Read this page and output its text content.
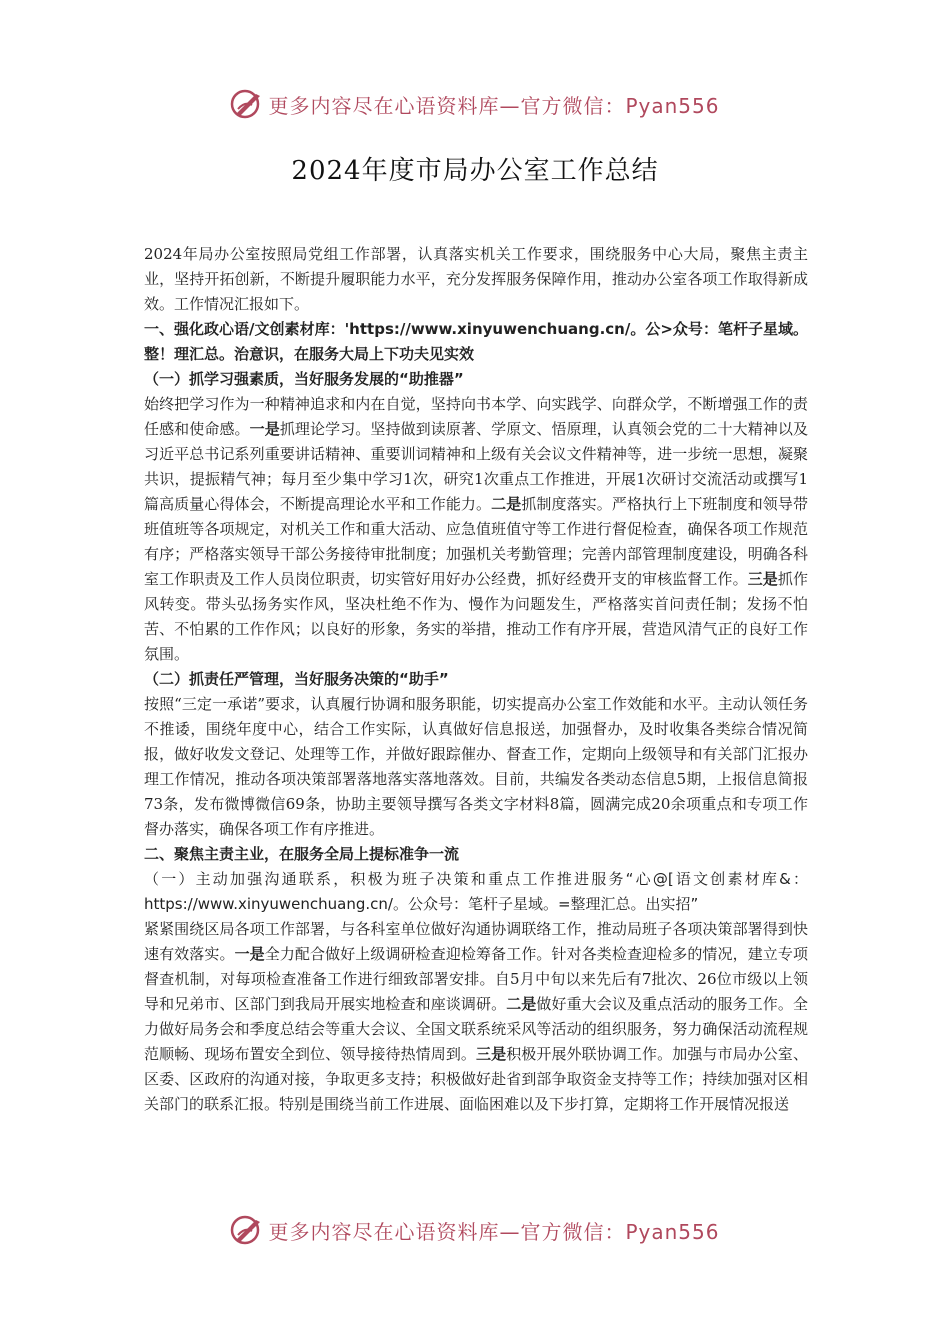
更多内容尽在心语资料库—官方微信：Pyan556
2024年度市局办公室工作总结

2024年局办公室按照局党组工作部署，认真落实机关工作要求，围绕服务中心大局，聚焦主责主业，坚持开拓创新，不断提升履职能力水平，充分发挥服务保障作用，推动办公室各项工作取得新成效。工作情况汇报如下。

一、强化政心语/文创素材库：'https://www.xinyuwenchuang.cn/。公>众号：笔杆子星域。整！理汇总。治意识，在服务大局上下功夫见实效

（一）抓学习强素质，当好服务发展的“助推器”

始终把学习作为一种精神追求和内在自觉，坚持向书本学、向实践学、向群众学，不断增强工作的责任感和使命感。一是抓理论学习。坚持做到读原著、学原文、悟原理，认真领会党的二十大精神以及习近平总书记系列重要讲话精神、重要训词精神和上级有关会议文件精神等，进一步统一思想，凝聚共识，提振精气神；每月至少集中学习1次，研究1次重点工作推进，开展1次研讨交流活动或撰写1篇高质量心得体会，不断提高理论水平和工作能力。二是抓制度落实。严格执行上下班制度和领导带班值班等各项规定，对机关工作和重大活动、应急值班值守等工作进行督促检查，确保各项工作规范有序；严格落实领导干部公务接待审批制度；加强机关考勤管理；完善内部管理制度建设，明确各科室工作职责及工作人员岗位职责，切实管好用好办公经费，抓好经费开支的审核监督工作。三是抓作风转变。带头弘扬务实作风，坚决杜绝不作为、慢作为问题发生，严格落实首问责任制；发扬不怕苦、不怕累的工作作风；以良好的形象，务实的举措，推动工作有序开展，营造风清气正的良好工作氛围。

（二）抓责任严管理，当好服务决策的“助手”

按照“三定一承诺”要求，认真履行协调和服务职能，切实提高办公室工作效能和水平。主动认领任务不推诿，围绕年度中心，结合工作实际，认真做好信息报送，加强督办，及时收集各类综合情况简报，做好收发文登记、处理等工作，并做好跟踪催办、督查工作，定期向上级领导和有关部门汇报办理工作情况，推动各项决策部署落地落实落地落效。目前，共编发各类动态信息5期，上报信息简报73条，发布微博微信69条，协助主要领导撰写各类文字材料8篇，圆满完成20余项重点和专项工作督办落实，确保各项工作有序推进。

二、聚焦主责主业，在服务全局上提标准争一流

（一）主动加强沟通联系，积极为班子决策和重点工作推进服务“心@[语文创素材库&：https://www.xinyuwenchuang.cn/。公众号：笔杆子星域。=整理汇总。出实招”

紧紧围绕区局各项工作部署，与各科室单位做好沟通协调联络工作，推动局班子各项决策部署得到快速有效落实。一是全力配合做好上级调研检查迎检筹备工作。针对各类检查迎检多的情况，建立专项督查机制，对每项检查准备工作进行细致部署安排。自5月中旬以来先后有7批次、26位市级以上领导和兄弟市、区部门到我局开展实地检查和座谈调研。二是做好重大会议及重点活动的服务工作。全力做好局务会和季度总结会等重大会议、全国文联系统采风等活动的组织服务，努力确保活动流程规范顺畅、现场布置安全到位、领导接待热情周到。三是积极开展外联协调工作。加强与市局办公室、区委、区政府的沟通对接，争取更多支持；积极做好赴省到部争取资金支持等工作；持续加强对区相关部门的联系汇报。特别是围绕当前工作进展、面临困难以及下步打算，定期将工作开展情况报送

更多内容尽在心语资料库—官方微信：Pyan556
